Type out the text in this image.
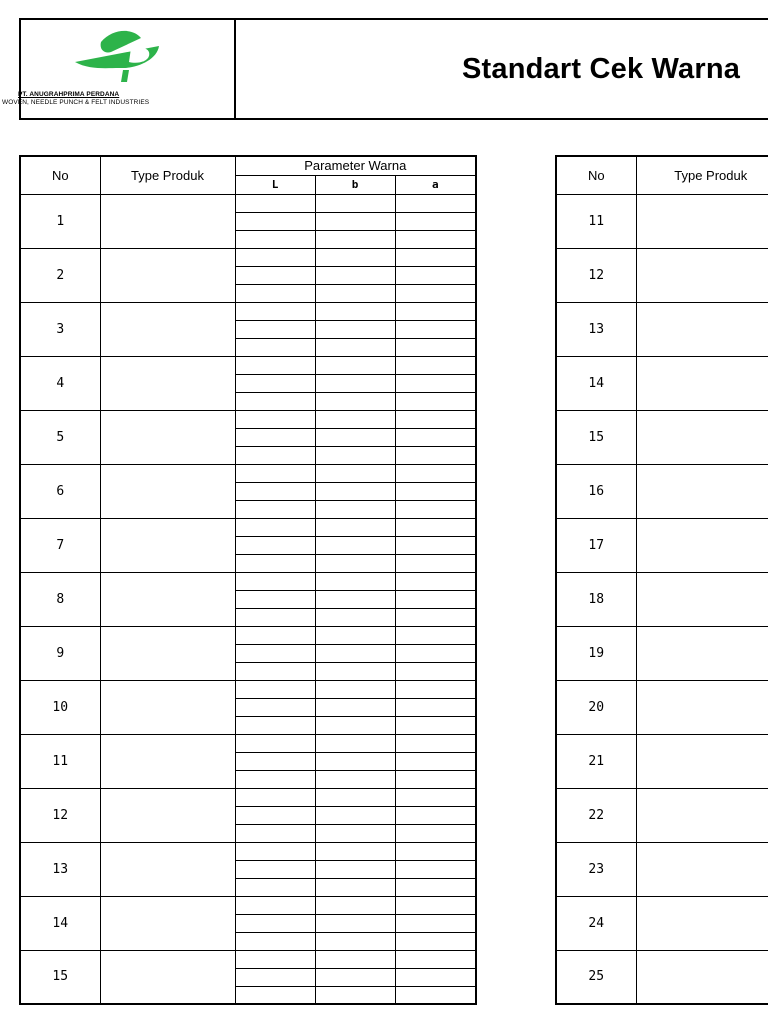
PT. ANUGRAHPRIMA PERDANA
WOVEN, NEEDLE PUNCH & FELT INDUSTRIES
Standart Cek Warna
No	Type Produk	Parameter Warna		
		L	b	a
1				

2				

3				

4				

5				

6				

7				

8				

9				

10				

11				

12				

13				

14				

15				

No	Type Produk
11	
12	
13	
14	
15	
16	
17	
18	
19	
20	
21	
22	
23	
24	
25	
